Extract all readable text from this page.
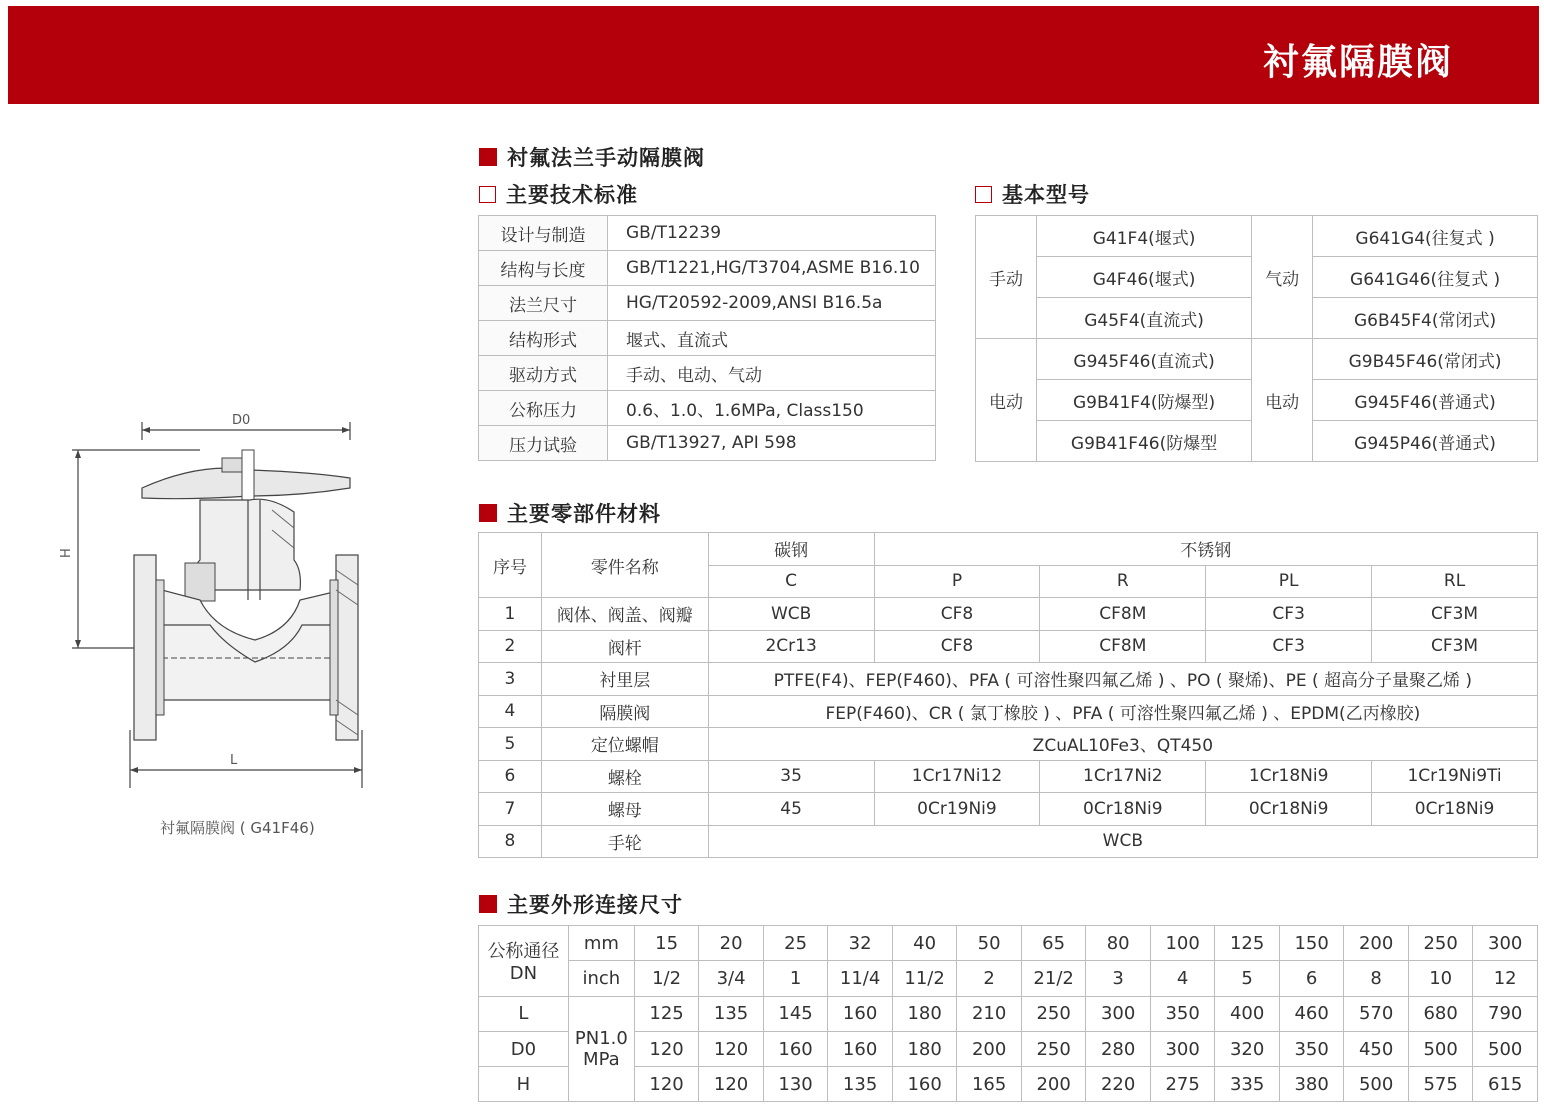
衬氟隔膜阀
衬氟法兰手动隔膜阀
主要技术标准	基本型号
主要零部件材料
主要外形连接尺寸
设计与制造	GB/T12239
结构与长度	GB/T1221,HG/T3704,ASME B16.10
法兰尺寸	HG/T20592-2009,ANSI B16.5a
结构形式	堰式、直流式
驱动方式	手动、电动、气动
公称压力	0.6、1.0、1.6MPa, Class150
压力试验	GB/T13927, API 598
手动	G41F4(堰式)	气动	G641G4(往复式 )
	G4F46(堰式)		G641G46(往复式 )
	G45F4(直流式)		G6B45F4(常闭式)
电动	G945F46(直流式)	电动	G9B45F46(常闭式)
	G9B41F4(防爆型)		G945F46(普通式)
	G9B41F46(防爆型		G945P46(普通式)
序号	零件名称	碳钢	不锈钢			
		C	P	R	PL	RL
1	阀体、阀盖、阀瓣	WCB	CF8	CF8M	CF3	CF3M
2	阀杆	2Cr13	CF8	CF8M	CF3	CF3M
3	衬里层	PTFE(F4)、FEP(F460)、PFA ( 可溶性聚四氟乙烯 ) 、PO ( 聚烯)、PE ( 超高分子量聚乙烯 )				
4	隔膜阀	FEP(F460)、CR ( 氯丁橡胶 ) 、PFA ( 可溶性聚四氟乙烯 ) 、EPDM(乙丙橡胶)				
5	定位螺帽	ZCuAL10Fe3、QT450				
6	螺栓	35	1Cr17Ni12	1Cr17Ni2	1Cr18Ni9	1Cr19Ni9Ti
7	螺母	45	0Cr19Ni9	0Cr18Ni9	0Cr18Ni9	0Cr18Ni9
8	手轮	WCB				
公称通径 DN	mm	15	20	25	32	40	50	65	80	100	125	150	200	250	300
	inch	1/2	3/4	1	11/4	11/2	2	21/2	3	4	5	6	8	10	12
L	PN1.0 MPa	125	135	145	160	180	210	250	300	350	400	460	570	680	790
D0		120	120	160	160	180	200	250	280	300	320	350	450	500	500
H		120	120	130	135	160	165	200	220	275	335	380	500	575	615
D0
H
L
衬氟隔膜阀 ( G41F46)
